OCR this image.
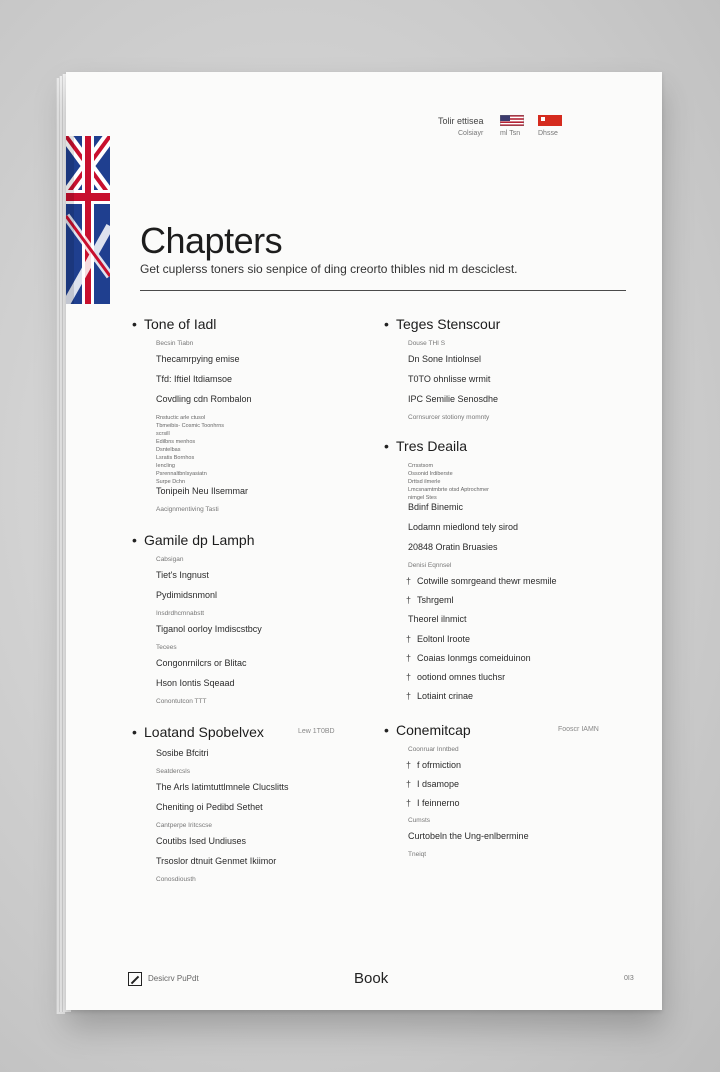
Tolir ettisea
Colsiayr ml Tsn	Dhsse
Chapters
Get cuplerss toners sio senpice of ding creorto thibles nid m desciclest.
• Tone of Iadl
Becsin Tiabn
Thecamrpying emise
Tfd: Iftiel Itdiamsoe
Covdling cdn Rombalon
Rnstuctic arle ctusol
Tbmeibis- Cosmic Toonhrns
scrsill
Edilbns menhos
Dsntelbas
Lsratis Bornhos
Iencling
Psrennaltbnlsyasiatn
Surpe Dchn
Tonipeih Neu Ilsemmar
Aacignmentiving Tasti
• Gamile dp Lamph
Cabsigan
Tiet's Ingnust
Pydimidsnmonl
Insdrdhcmnabstt
Tiganol oorloy Imdiscstbcy
Tecees
Congonrnilcrs or Blitac
Hson Iontis Sqeaad
Conontutcon TTT
• Loatand Spobelvex	Lew 1T0BD
Sosibe Bfcitri
Seatdercsls
The Arls Iatimtuttlmnele Clucslitts
Cheniting oi Pedibd Sethet
Cantperpe Iritcscse
Coutibs Ised Undiuses
Trsoslor dtnuit Genmet Ikiimor
Conosdiousth
• Teges Stenscour
Douse THI S
Dn Sone Intiolnsel
T0TO ohnlisse wrmit
IPC Semilie Senosdhe
Cornsurcer stotiony momnty
• Tres Deaila
Crrsstsom
Ossonid Irdiberste
Drttsd ilmerle
Lmcsnamtmbrte otsd Aptrochmer
nimgel Stes
Bdinf Binemic
Lodamn miedlond tely sirod
20848 Oratin Bruasies
Denisi Eqnnsel
† Cotwille somrgeand thewr mesmile
† Tshrgeml
Theorel ilnmict
† Eoltonl Iroote
† Coaias Ionmgs comeiduinon
† ootiond omnes tluchsr
† Lotiaint crinae
• Conemitcap	Fooscr IAMN
Coonruar Inntbed
† f ofrmiction
† I dsamope
† I feinnerno
Cumsts
Curtobeln the Ung-enlbermine
Tneiqt
Desicrv PuPdt	Book	0I3
